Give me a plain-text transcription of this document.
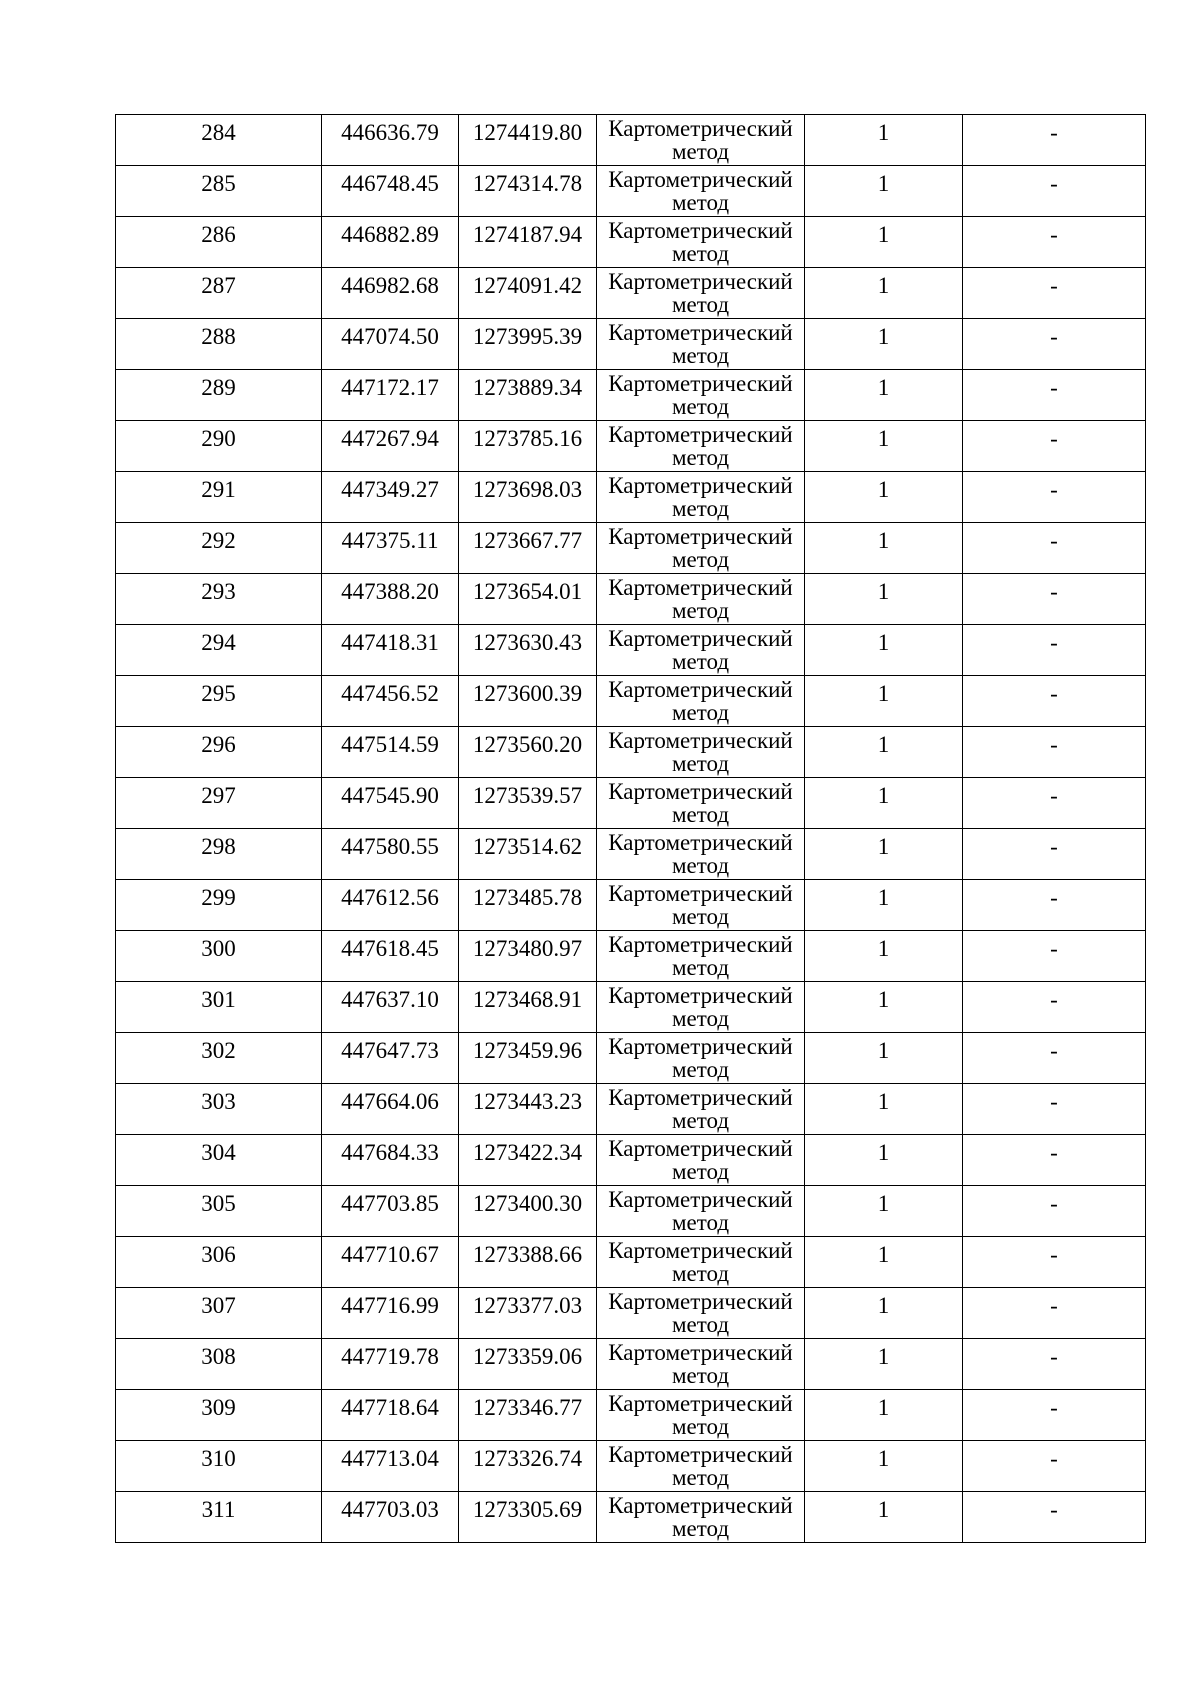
284	446636.79	1274419.80	Картометрический метод	1	-

285	446748.45	1274314.78	Картометрический метод	1	-

286	446882.89	1274187.94	Картометрический метод	1	-

287	446982.68	1274091.42	Картометрический метод	1	-

288	447074.50	1273995.39	Картометрический метод	1	-

289	447172.17	1273889.34	Картометрический метод	1	-

290	447267.94	1273785.16	Картометрический метод	1	-

291	447349.27	1273698.03	Картометрический метод	1	-

292	447375.11	1273667.77	Картометрический метод	1	-

293	447388.20	1273654.01	Картометрический метод	1	-

294	447418.31	1273630.43	Картометрический метод	1	-

295	447456.52	1273600.39	Картометрический метод	1	-

296	447514.59	1273560.20	Картометрический метод	1	-

297	447545.90	1273539.57	Картометрический метод	1	-

298	447580.55	1273514.62	Картометрический метод	1	-

299	447612.56	1273485.78	Картометрический метод	1	-

300	447618.45	1273480.97	Картометрический метод	1	-

301	447637.10	1273468.91	Картометрический метод	1	-

302	447647.73	1273459.96	Картометрический метод	1	-

303	447664.06	1273443.23	Картометрический метод	1	-

304	447684.33	1273422.34	Картометрический метод	1	-

305	447703.85	1273400.30	Картометрический метод	1	-

306	447710.67	1273388.66	Картометрический метод	1	-

307	447716.99	1273377.03	Картометрический метод	1	-

308	447719.78	1273359.06	Картометрический метод	1	-

309	447718.64	1273346.77	Картометрический метод	1	-

310	447713.04	1273326.74	Картометрический метод	1	-

311	447703.03	1273305.69	Картометрический метод	1	-
